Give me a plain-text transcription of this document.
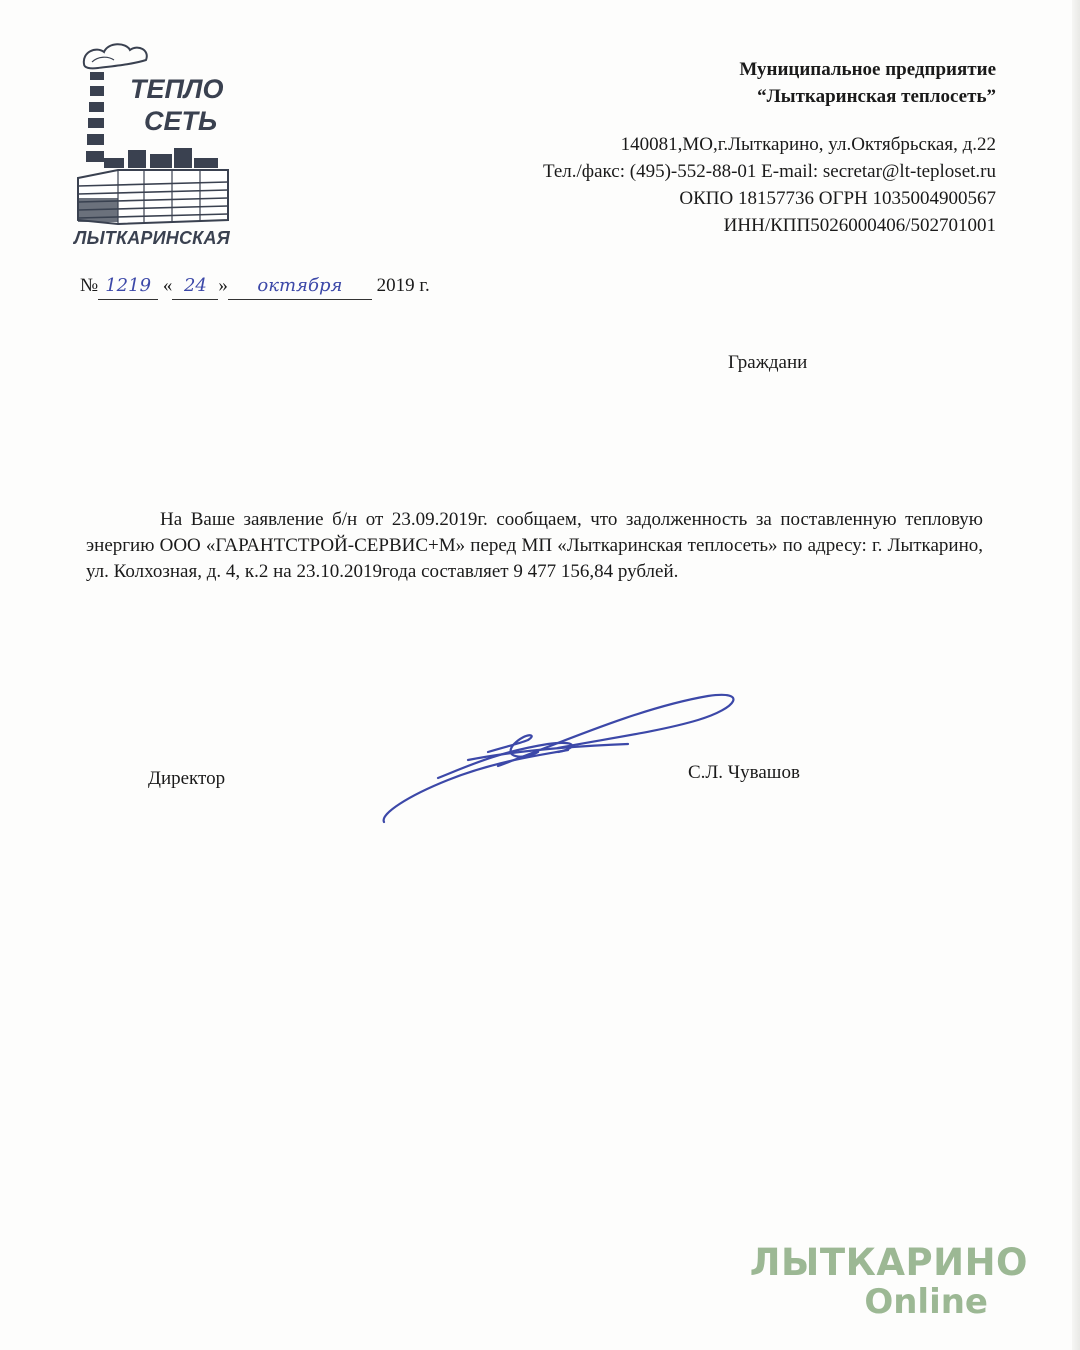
ТЕПЛО
СЕТЬ
ЛЫТКАРИНСКАЯ
Муниципальное предприятие
“Лыткаринская теплосеть”
140081,МО,г.Лыткарино, ул.Октябрьская, д.22
Тел./факс: (495)-552-88-01 E-mail: secretar@lt-teploset.ru
ОКПО 18157736 ОГРН 1035004900567
ИНН/КПП5026000406/502701001
№ 1219 « 24 » октября 2019 г.
Граждани

На Ваше заявление б/н от 23.09.2019г. сообщаем, что задолженность за поставленную тепловую энергию ООО «ГАРАНТСТРОЙ-СЕРВИС+М» перед МП «Лыткаринская теплосеть» по адресу: г. Лыткарино, ул. Колхозная, д. 4, к.2 на 23.10.2019года составляет 9 477 156,84 рублей.

Директор	С.Л. Чувашов
ЛЫТКАРИНО
Online
